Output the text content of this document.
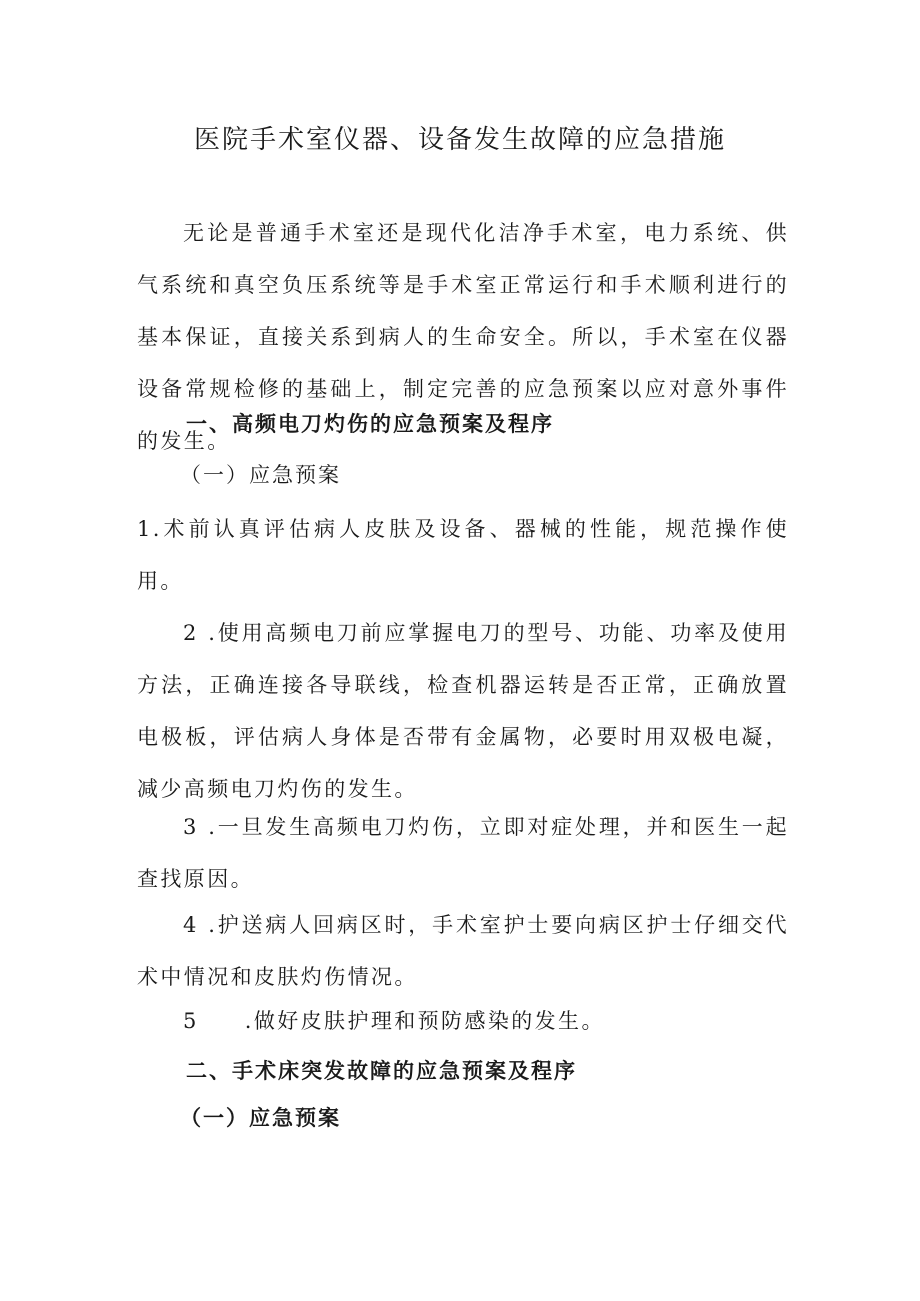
医院手术室仪器、设备发生故障的应急措施

无论是普通手术室还是现代化洁净手术室，电力系统、供气系统和真空负压系统等是手术室正常运行和手术顺利进行的基本保证，直接关系到病人的生命安全。所以，手术室在仪器设备常规检修的基础上，制定完善的应急预案以应对意外事件的发生。

一、高频电刀灼伤的应急预案及程序
（一）应急预案

1.术前认真评估病人皮肤及设备、器械的性能，规范操作使用。

2 .使用高频电刀前应掌握电刀的型号、功能、功率及使用方法，正确连接各导联线，检查机器运转是否正常，正确放置电极板，评估病人身体是否带有金属物，必要时用双极电凝，减少高频电刀灼伤的发生。

3 .一旦发生高频电刀灼伤，立即对症处理，并和医生一起查找原因。

4 .护送病人回病区时，手术室护士要向病区护士仔细交代术中情况和皮肤灼伤情况。

5 .做好皮肤护理和预防感染的发生。

二、手术床突发故障的应急预案及程序
（一）应急预案
